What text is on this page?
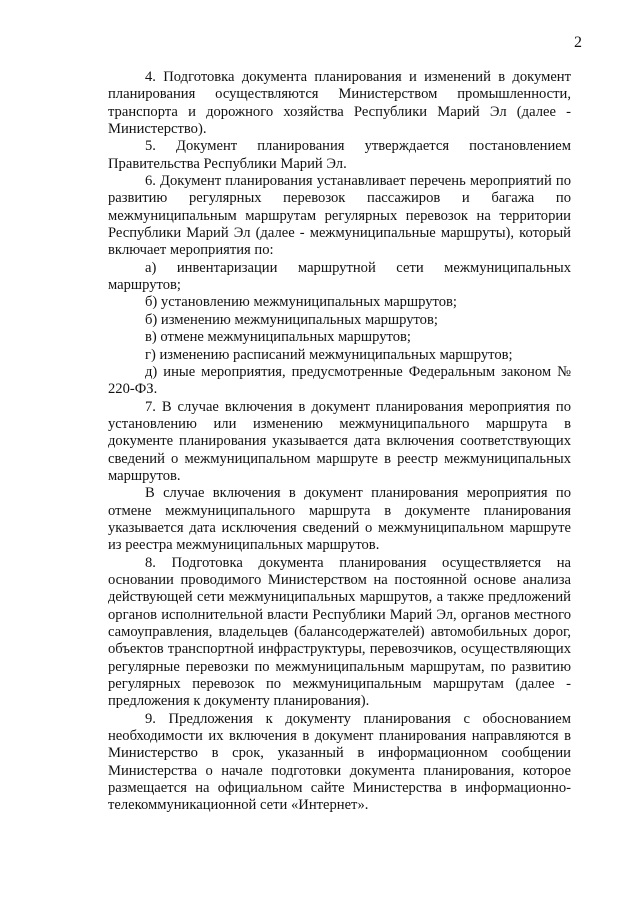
2

4. Подготовка документа планирования и изменений в документ планирования осуществляются Министерством промышленности, транспорта и дорожного хозяйства Республики Марий Эл (далее - Министерство).

5. Документ планирования утверждается постановлением Правительства Республики Марий Эл.

6. Документ планирования устанавливает перечень мероприятий по развитию регулярных перевозок пассажиров и багажа по межмуниципальным маршрутам регулярных перевозок на территории Республики Марий Эл (далее - межмуниципальные маршруты), который включает мероприятия по:

а) инвентаризации маршрутной сети межмуниципальных маршрутов;

б) установлению межмуниципальных маршрутов;

б) изменению межмуниципальных маршрутов;

в) отмене межмуниципальных маршрутов;

г) изменению расписаний межмуниципальных маршрутов;

д) иные мероприятия, предусмотренные Федеральным законом № 220-ФЗ.

7. В случае включения в документ планирования мероприятия по установлению или изменению межмуниципального маршрута в документе планирования указывается дата включения соответствующих сведений о межмуниципальном маршруте в реестр межмуниципальных маршрутов.

В случае включения в документ планирования мероприятия по отмене межмуниципального маршрута в документе планирования указывается дата исключения сведений о межмуниципальном маршруте из реестра межмуниципальных маршрутов.

8. Подготовка документа планирования осуществляется на основании проводимого Министерством на постоянной основе анализа действующей сети межмуниципальных маршрутов, а также предложений органов исполнительной власти Республики Марий Эл, органов местного самоуправления, владельцев (балансодержателей) автомобильных дорог, объектов транспортной инфраструктуры, перевозчиков, осуществляющих регулярные перевозки по межмуниципальным маршрутам, по развитию регулярных перевозок по межмуниципальным маршрутам (далее - предложения к документу планирования).

9. Предложения к документу планирования с обоснованием необходимости их включения в документ планирования направляются в Министерство в срок, указанный в информационном сообщении Министерства о начале подготовки документа планирования, которое размещается на официальном сайте Министерства в информационно-телекоммуникационной сети «Интернет».
